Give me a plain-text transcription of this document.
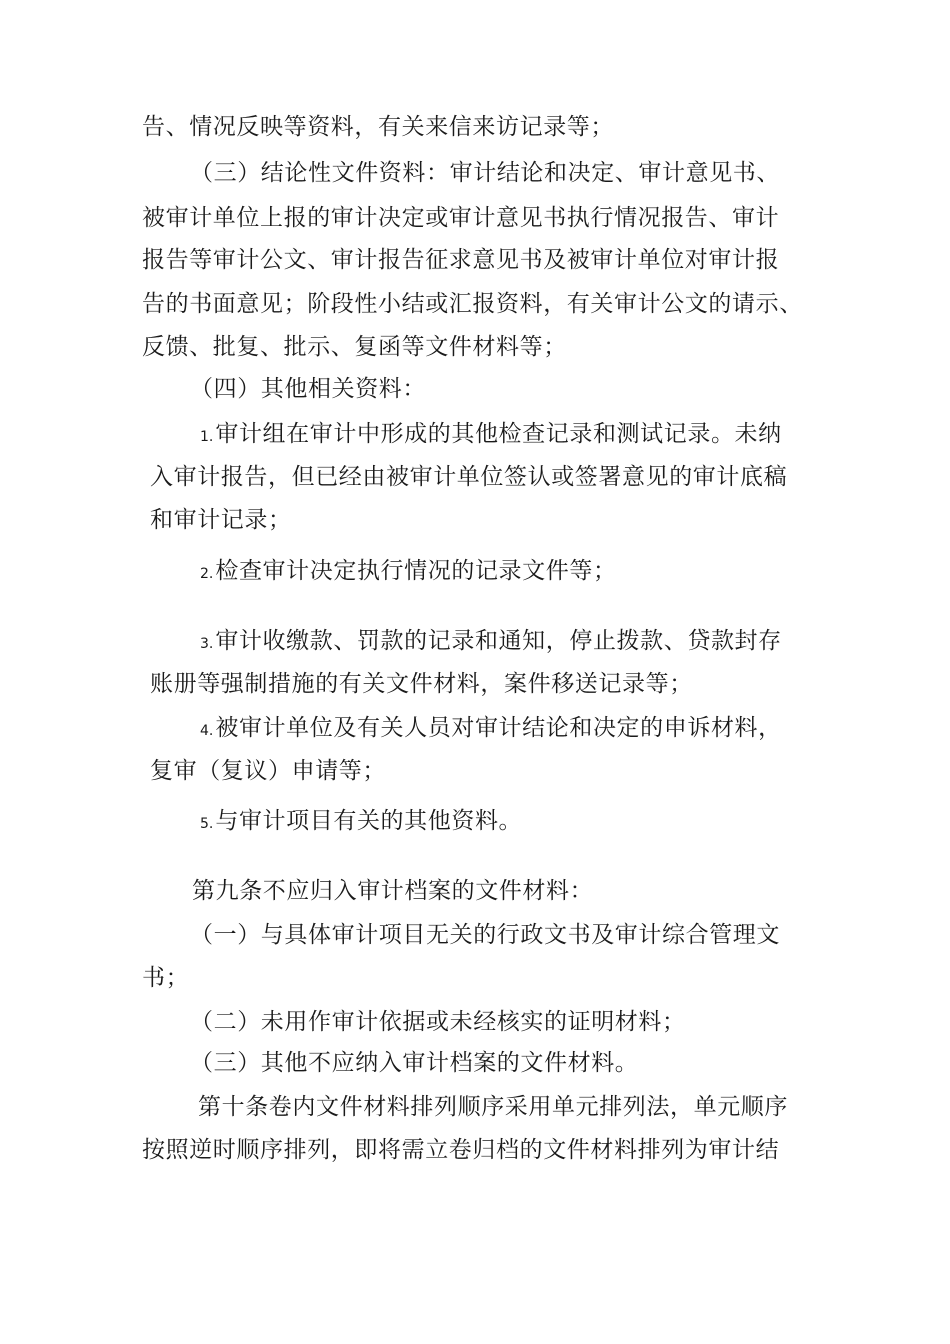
告、情况反映等资料，有关来信来访记录等；
（三）结论性文件资料：审计结论和决定、审计意见书、
被审计单位上报的审计决定或审计意见书执行情况报告、审计
报告等审计公文、审计报告征求意见书及被审计单位对审计报
告的书面意见；阶段性小结或汇报资料，有关审计公文的请示、
反馈、批复、批示、复函等文件材料等；
（四）其他相关资料：
1.审计组在审计中形成的其他检查记录和测试记录。未纳
入审计报告，但已经由被审计单位签认或签署意见的审计底稿
和审计记录；
2.检查审计决定执行情况的记录文件等；
3.审计收缴款、罚款的记录和通知，停止拨款、贷款封存
账册等强制措施的有关文件材料，案件移送记录等；
4.被审计单位及有关人员对审计结论和决定的申诉材料，
复审（复议）申请等；
5.与审计项目有关的其他资料。
第九条不应归入审计档案的文件材料：
（一）与具体审计项目无关的行政文书及审计综合管理文
书；
（二）未用作审计依据或未经核实的证明材料；
（三）其他不应纳入审计档案的文件材料。
第十条卷内文件材料排列顺序采用单元排列法，单元顺序
按照逆时顺序排列，即将需立卷归档的文件材料排列为审计结
